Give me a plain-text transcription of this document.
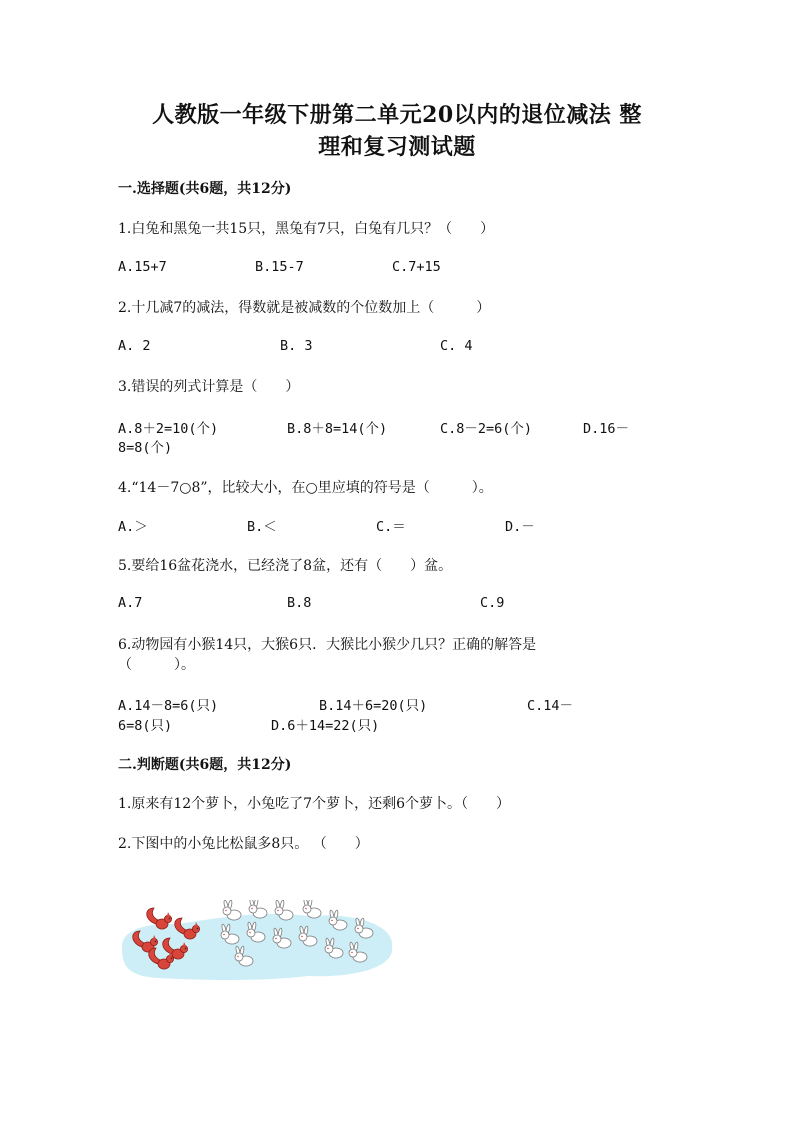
人教版一年级下册第二单元20以内的退位减法 整
理和复习测试题
一.选择题(共6题，共12分)
1.白兔和黑兔一共15只，黑兔有7只，白兔有几只？（　　）
A.15+7	B.15-7	C.7+15
2.十几减7的减法，得数就是被减数的个位数加上（　　　）
A. 2	B. 3	C. 4
3.错误的列式计算是（　　）
A.8＋2=10(个)	B.8＋8=14(个)	C.8－2=6(个)	D.16－
8=8(个)
4.“14－7○8”，比较大小，在○里应填的符号是（　　　）。
A.＞	B.＜	C.＝	D.－
5.要给16盆花浇水，已经浇了8盆，还有（　　）盆。
A.7	B.8	C.9
6.动物园有小猴14只，大猴6只．大猴比小猴少几只？正确的解答是
（　　　）。
A.14－8=6(只)	B.14＋6=20(只)	C.14－
6=8(只)	D.6＋14=22(只)
二.判断题(共6题，共12分)
1.原来有12个萝卜，小兔吃了7个萝卜，还剩6个萝卜。（　　）
2.下图中的小兔比松鼠多8只。 （　　）
